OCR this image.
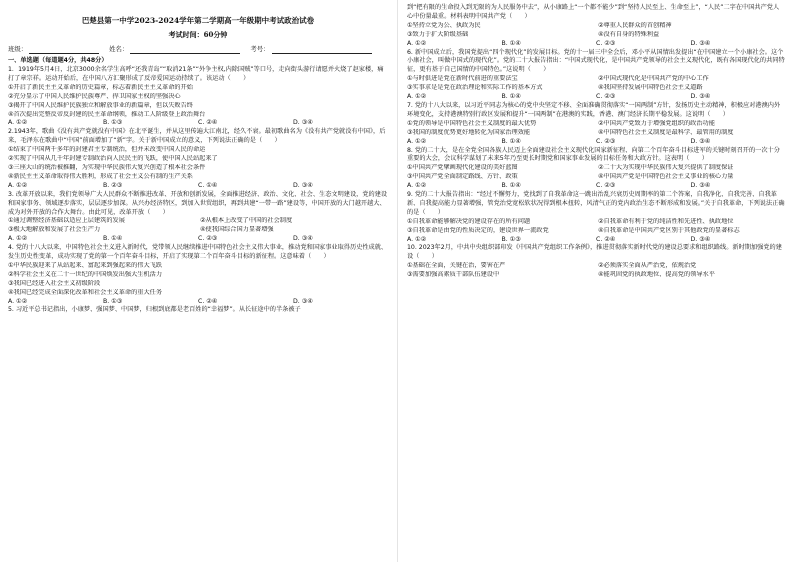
巴楚县第一中学2023-2024学年第二学期高一年级期中考试政治试卷
考试时间：60分钟
班级：	姓名：	考号：
一、单选题（每道题4分，共48分）

1．1919年5月4日，北京3000余名学生高呼“还我青岛”“取消21条”“外争主权,内除国贼”等口号，走向街头游行请愿并火烧了赵家楼，痛打了章宗祥。运动开始后，在中国八方汇聚形成了反帝爱国运动持续了。该运动（　　）

①开启了新民主主义革命的历史篇章，标志着新民主主义革命的开始
②充分显示了中国人民维护民族尊严、捍卫国家主权的坚强决心
③揭开了中国人民维护民族独立和解放事业的新篇章，但以失败告终
④首次提出完整反帝反封建的民主革命纲领，推动工人阶级登上政治舞台
A. ①②	B. ①③	C. ②④	D. ③④

2.1943年，歌曲《没有共产党就没有中国》在北平诞生，并从这里传遍大江南北，经久不衰。最初歌曲名为《没有共产党就没有中国》，后来，毛泽东在歌曲中“中国”前面增加了“新”字。关于新中国成立的意义，下列说法正确的是（　　）

①结束了中国两千多年的封建君主专制统治，但并未改变中国人民的命运
②实现了中国从几千年封建专制政治向人民民主的飞跃，使中国人民站起来了
③三座大山的统治被推翻，为实现中华民族伟大复兴创造了根本社会条件
④新民主主义革命取得伟大胜利，形成了社会主义公有制的生产关系
A. ①②	B. ②③	C. ①④	D. ③④

3. 改革开放以来，我们党领导广大人民群众不断推进改革、开放和创新发展，全面推进经济、政治、文化、社会、生态文明建设，党的建设和国家事务、领域逐步落实，层层逐步加深。从兴办经济特区，到加入世贸组织，再到共建“一带一路”建设等，中国开放的大门越开越大、成为对外开放的合作大舞台。由此可见，改革开放（　　）

①通过调整经济基础以适应上层建筑的发展	②从根本上改变了中国的社会制度
③极大地解放和发展了社会生产力	④使我国综合国力显著增强
A. ①②	B. ①④	C. ②③	D. ③④

4. 党的十八大以来，中国特色社会主义进入新时代，党带领人民继续推进中国特色社会主义伟大事业，推动党和国家事业取得历史性成就、发生历史性变革，成功实现了党的第一个百年奋斗目标，开启了实现第二个百年奋斗目标的新征程。这意味着（　　）

①中华民族迎来了从站起来、富起来到强起来的伟大飞跃
②科学社会主义在二十一世纪的中国焕发出强大生机活力
③我国已经进入社会主义初级阶段
④我国已经完成全面深化改革和社会主义革命的重大任务
A. ①②	B. ①③	C. ②④	D. ③④

5. 习近平总书记指出，小康梦、强国梦、中国梦，归根到底都是老百姓的“幸福梦”。从长征途中的半条被子

到“把有限的生命投入到无限的为人民服务中去”，从小康路上“一个都不能少”到“坚持人民至上、生命至上”，“人民”二字在中国共产党人心中份量最重。材料表明中国共产党（　　）

①坚持立党为公、执政为民	②尊重人民群众的首创精神
③致力于扩大阶级基础	④没有自身的特殊利益
A. ①②	B. ①④	C. ②③	D. ③④

6. 新中国成立后，我国党提出“四个现代化”的发展目标。党的十一届三中全会后，邓小平从国情出发提出“在中国建立一个小康社会。这个小康社会，叫做中国式的现代化”。党的二十大报告指出：“中国式现代化，是中国共产党领导的社会主义现代化，既有各国现代化的共同特征，更有基于自己国情的中国特色。”这说明（　　）

①与时俱进是党在新时代前进的重要法宝	②中国式现代化是中国共产党的中心工作
③实事求是是党在政治理论和实际工作的基本方式	④我国坚持发展中国特色社会主义道路
A. ①②	B. ①④	C. ②③	D. ③④

7. 党的十八大以来，以习近平同志为核心的党中央坚定不移、全面准确贯彻落实“一国两制”方针，发扬历史主动精神，积极应对港澳内外环境变化，支持港澳特别行政区发展和提升“一国两制”在港澳的实践，香港、澳门经济长期平稳发展。这说明（　　）

①党的领导是中国特色社会主义制度的最大优势	②中国共产党致力于增强党组织的政治功能
③我国的制度优势更好地转化为国家治理效能	④中国特色社会主义制度是最科学、最管用的制度
A. ①②	B. ①④	C. ②③	D. ③④

8. 党的二十大，是在全党全国各族人民迈上全面建设社会主义现代化国家新征程、向第二个百年奋斗目标进军的关键时刻召开的一次十分重要的大会，会议科学谋划了未来5年乃至更长时期党和国家事业发展的目标任务和大政方针。这表明（　　）

①中国共产党擘画现代化建设的美好蓝图	②二十大为实现中华民族伟大复兴提供了制度保证
③中国共产党全面制定路线、方针、政策	④中国共产党是中国特色社会主义事业的核心力量
A. ①②	B. ①④	C. ②③	D. ③④

9. 党的二十大报告指出：“经过不懈努力，党找到了自我革命这一跳出治乱兴衰历史周期率的第二个答案，自我净化、自我完善、自我革新、自我提高能力显著增强，管党治党宽松软状况得到根本扭转，风清气正的党内政治生态不断形成和发展。”关于自我革命，下列说法正确的是（　　）

①自我革命能够解决党的建设存在的所有问题	②自我革命有利于党的纯洁性和先进性、执政地位
③自我革命是由党的性质决定的，建设世界一流政党	④自我革命是中国共产党区别于其他政党的显著标志
A. ①②	B. ①③	C. ②④	D. ③④

10. 2023年2月，中共中央组织部印发《中国共产党组织工作条例》，推进贯彻落实新时代党的建设总要求和组织路线。新时期加强党的建设（　　）

①基础在全面，关键在治，要害在严	②必须落实全面从严治党，依规治党
③需要加强高素质干部队伍建设中	④能巩固党的执政地位、提高党的领导水平
